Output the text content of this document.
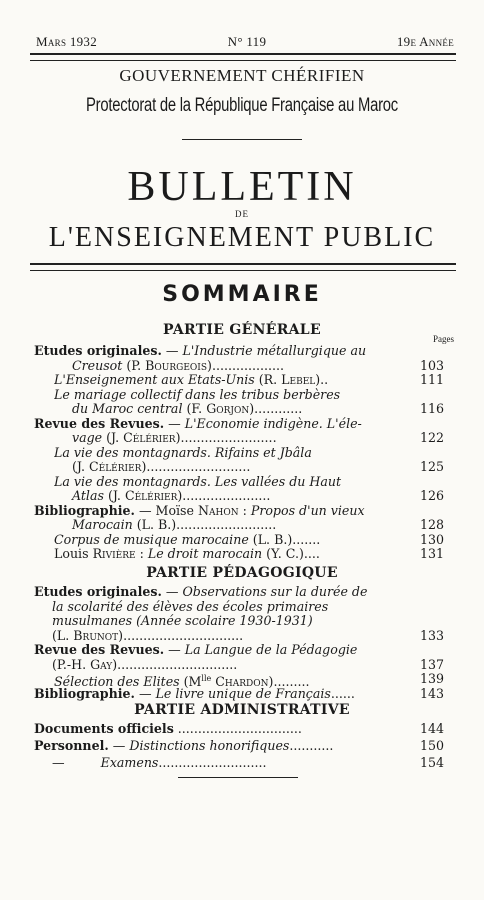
Mars 1932	N° 119	19e Année
GOUVERNEMENT CHÉRIFIEN
Protectorat de la République Française au Maroc
BULLETIN
DE
L'ENSEIGNEMENT PUBLIC
SOMMAIRE
PARTIE GÉNÉRALE
Pages
Etudes originales. — L'Industrie métallurgique au
Creusot (P. Bourgeois)..................	103
L'Enseignement aux Etats-Unis (R. Lebel)..	111
Le mariage collectif dans les tribus berbères
du Maroc central (F. Gorjon)............	116
Revue des Revues. — L'Economie indigène. L'éle-
vage (J. Célérier)........................	122
La vie des montagnards. Rifains et Jbâla
(J. Célérier)..........................	125
La vie des montagnards. Les vallées du Haut
Atlas (J. Célérier)......................	126
Bibliographie. — Moïse Nahon : Propos d'un vieux
Marocain (L. B.).........................	128
Corpus de musique marocaine (L. B.).......	130
Louis Rivière : Le droit marocain (Y. C.)....	131
PARTIE PÉDAGOGIQUE
Etudes originales. — Observations sur la durée de
la scolarité des élèves des écoles primaires
musulmanes (Année scolaire 1930-1931)
(L. Brunot)..............................	133
Revue des Revues. — La Langue de la Pédagogie
(P.-H. Gay)..............................	137
Sélection des Elites ($M^{lle}$ Chardon).........	139
Bibliographie. — Le livre unique de Français......	143
PARTIE ADMINISTRATIVE
Documents officiels ...............................	144
Personnel. — Distinctions honorifiques...........	150
—         Examens...........................	154
